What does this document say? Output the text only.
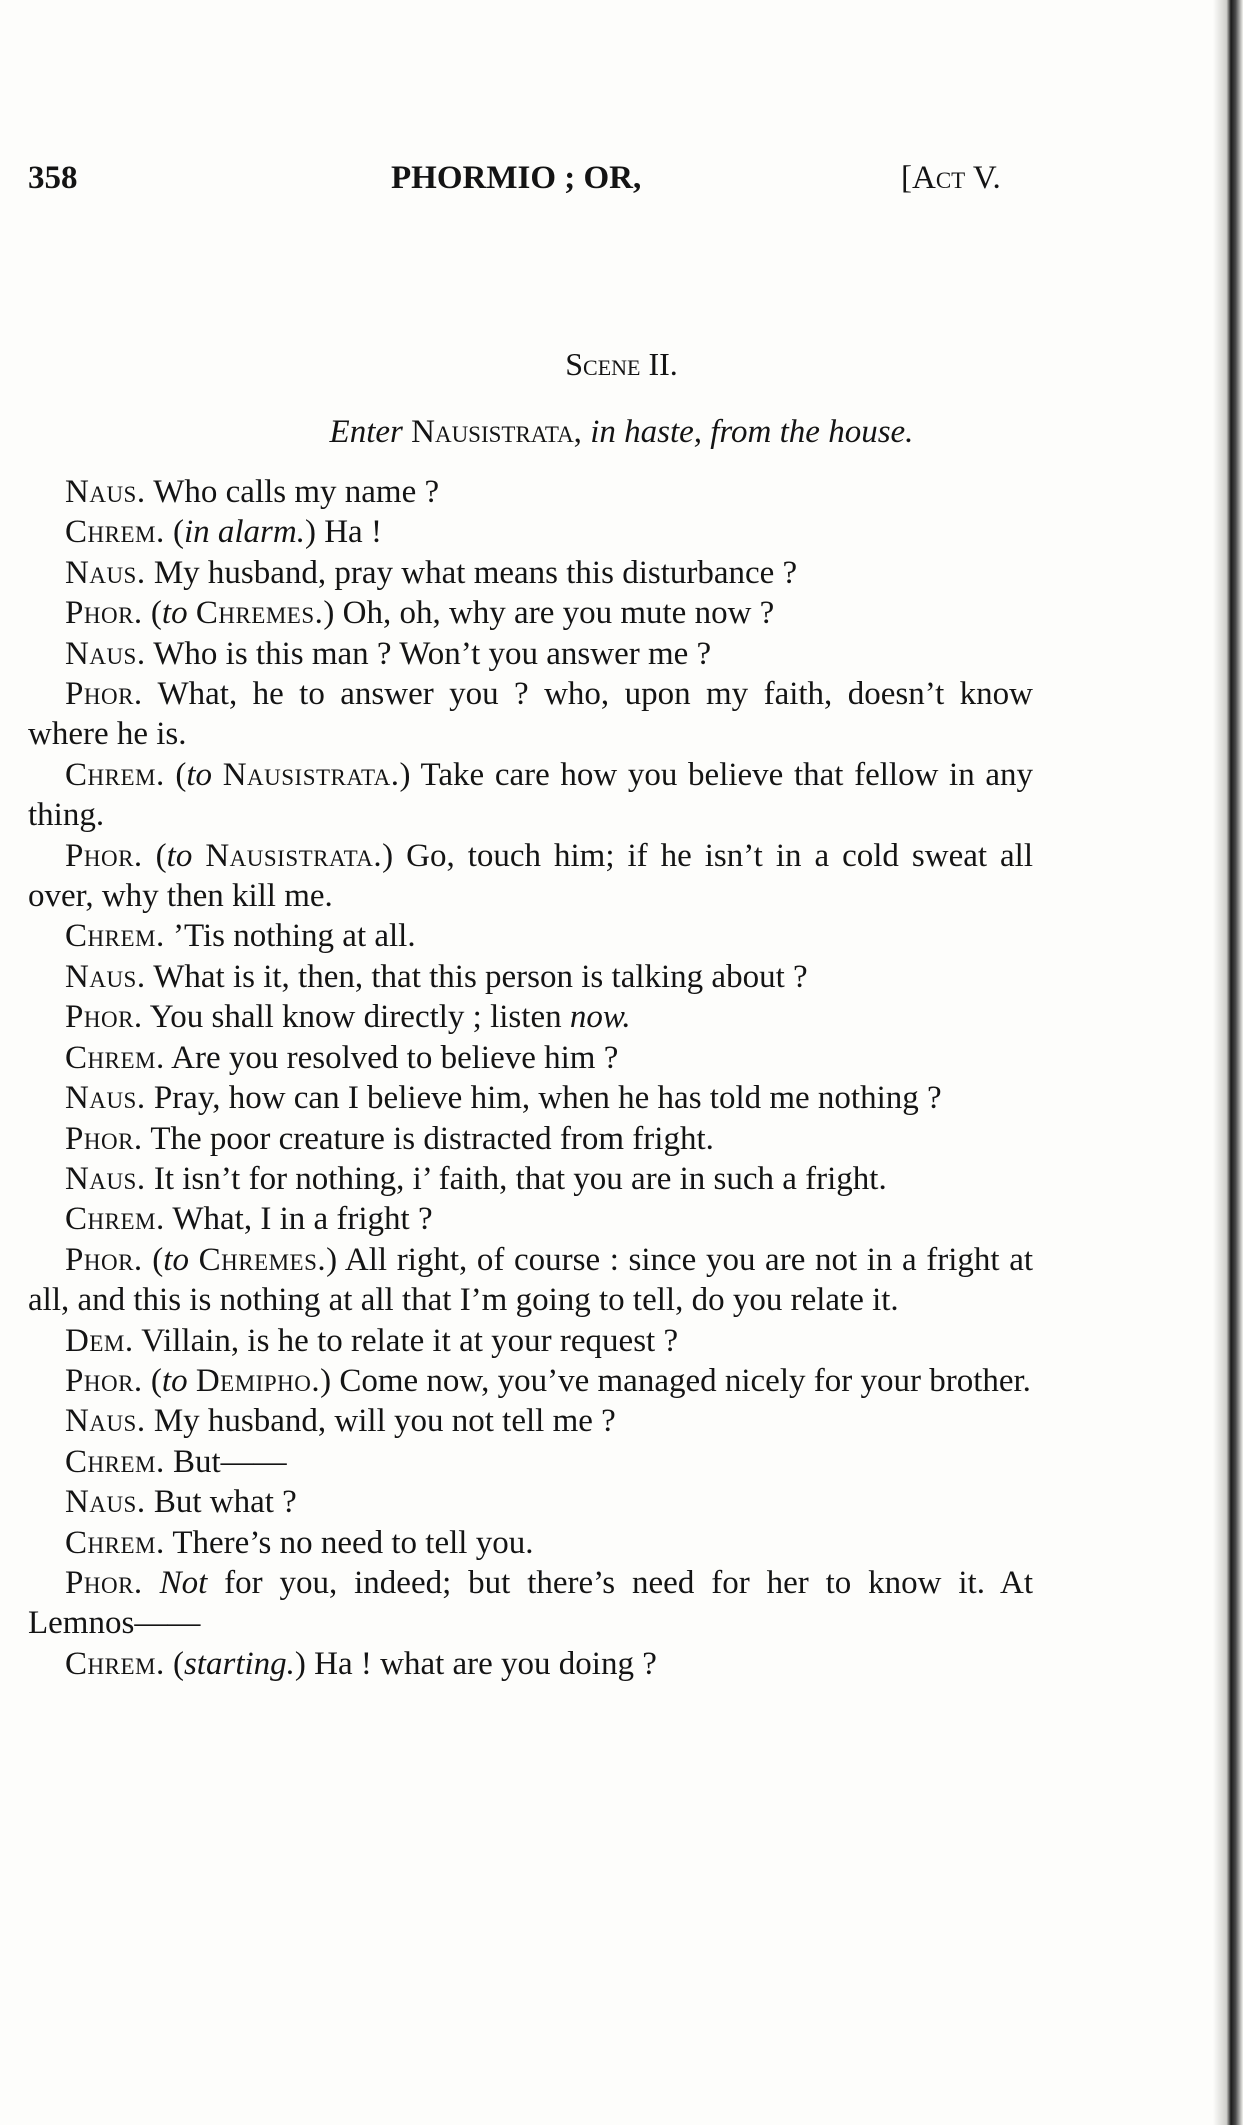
358	PHORMIO ; OR,	[Act V.
Scene II.
Enter Nausistrata, in haste, from the house.

Naus. Who calls my name ?

Chrem. (in alarm.) Ha !

Naus. My husband, pray what means this disturbance ?

Phor. (to Chremes.) Oh, oh, why are you mute now ?

Naus. Who is this man ? Won’t you answer me ?

Phor. What, he to answer you ? who, upon my faith, doesn’t know where he is.

Chrem. (to Nausistrata.) Take care how you believe that fellow in any thing.

Phor. (to Nausistrata.) Go, touch him; if he isn’t in a cold sweat all over, why then kill me.

Chrem. ’Tis nothing at all.

Naus. What is it, then, that this person is talking about ?

Phor. You shall know directly ; listen now.

Chrem. Are you resolved to believe him ?

Naus. Pray, how can I believe him, when he has told me nothing ?

Phor. The poor creature is distracted from fright.

Naus. It isn’t for nothing, i’ faith, that you are in such a fright.

Chrem. What, I in a fright ?

Phor. (to Chremes.) All right, of course : since you are not in a fright at all, and this is nothing at all that I’m going to tell, do you relate it.

Dem. Villain, is he to relate it at your request ?

Phor. (to Demipho.) Come now, you’ve managed nicely for your brother.

Naus. My husband, will you not tell me ?

Chrem. But——

Naus. But what ?

Chrem. There’s no need to tell you.

Phor. Not for you, indeed; but there’s need for her to know it. At Lemnos——

Chrem. (starting.) Ha ! what are you doing ?
